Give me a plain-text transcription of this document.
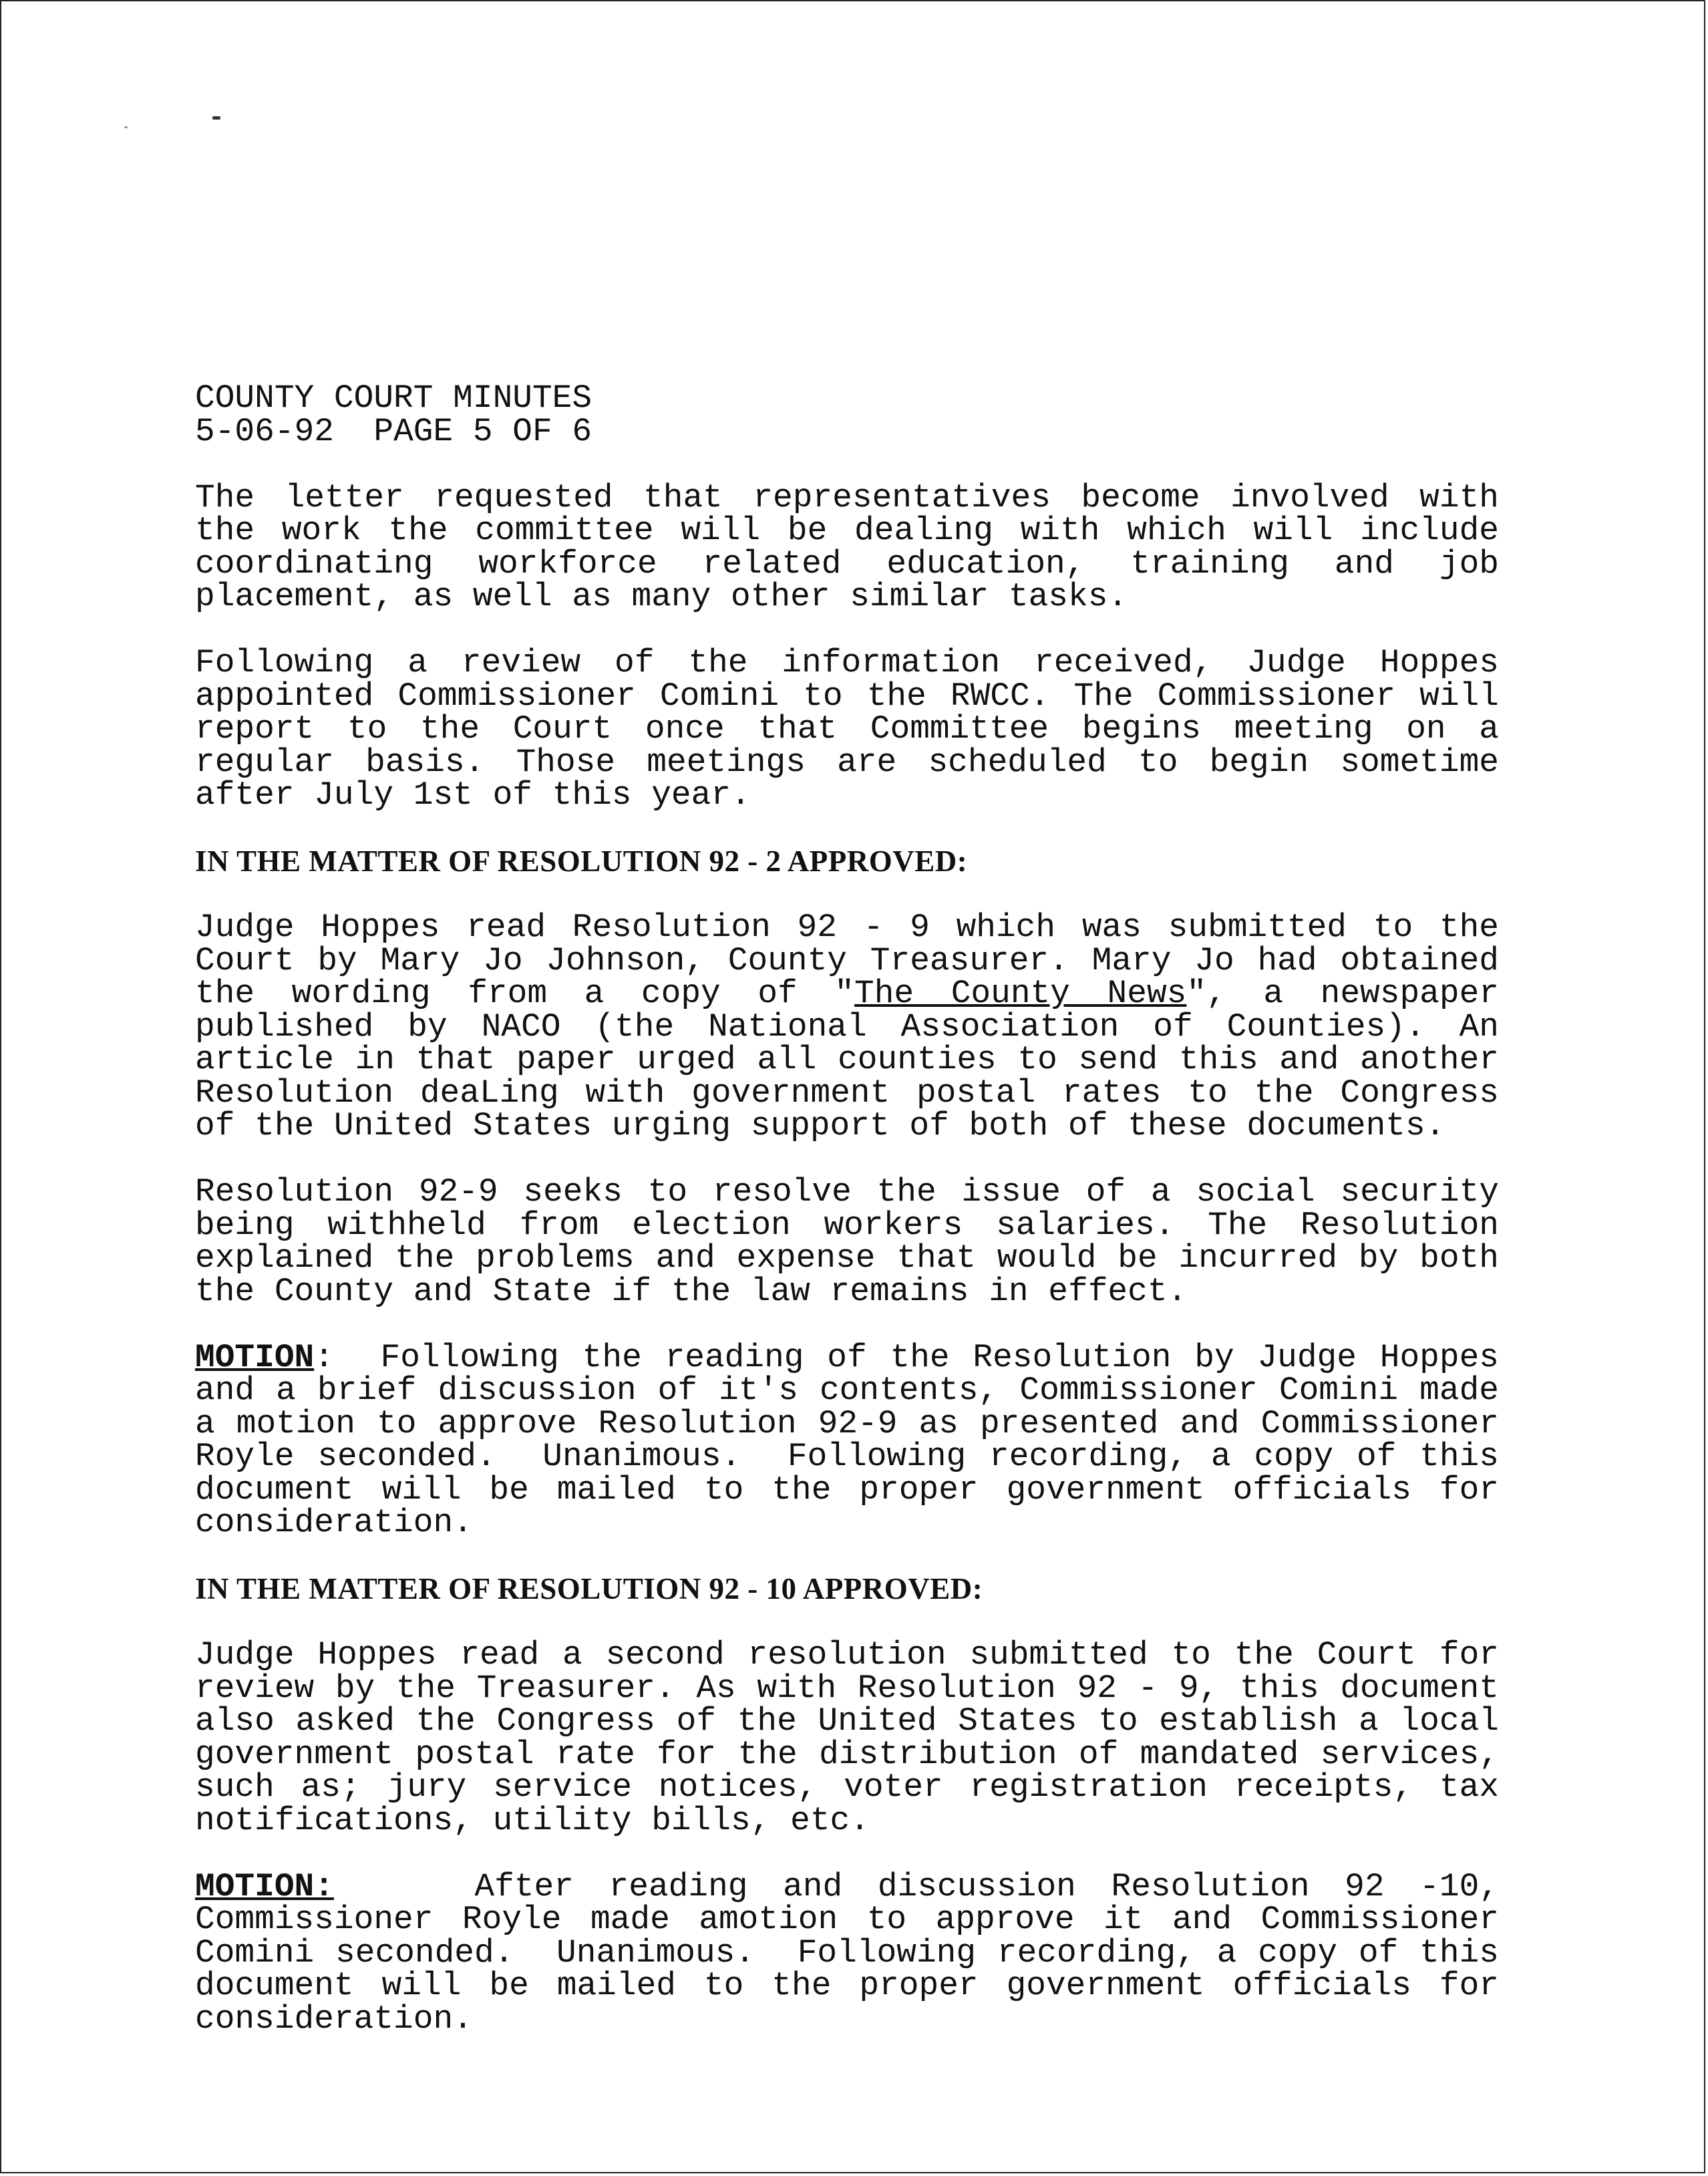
COUNTY COURT MINUTES
5-06-92 PAGE 5 OF 6

The letter requested that representatives become involved with the work the committee will be dealing with which will include coordinating workforce related education, training and job placement, as well as many other similar tasks.

Following a review of the information received, Judge Hoppes appointed Commissioner Comini to the RWCC. The Commissioner will report to the Court once that Committee begins meeting on a regular basis. Those meetings are scheduled to begin sometime after July 1st of this year.

IN THE MATTER OF RESOLUTION 92 - 2 APPROVED:

Judge Hoppes read Resolution 92 - 9 which was submitted to the Court by Mary Jo Johnson, County Treasurer. Mary Jo had obtained the wording from a copy of "The County News", a newspaper published by NACO (the National Association of Counties). An article in that paper urged all counties to send this and another Resolution deaLing with government postal rates to the Congress of the United States urging support of both of these documents.

Resolution 92-9 seeks to resolve the issue of a social security being withheld from election workers salaries. The Resolution explained the problems and expense that would be incurred by both the County and State if the law remains in effect.

MOTION:  Following the reading of the Resolution by Judge Hoppes and a brief discussion of it's contents, Commissioner Comini made a motion to approve Resolution 92-9 as presented and Commissioner Royle seconded.  Unanimous.  Following recording, a copy of this document will be mailed to the proper government officials for consideration.

IN THE MATTER OF RESOLUTION 92 - 10 APPROVED:

Judge Hoppes read a second resolution submitted to the Court for review by the Treasurer. As with Resolution 92 - 9, this document also asked the Congress of the United States to establish a local government postal rate for the distribution of mandated services, such as; jury service notices, voter registration receipts, tax notifications, utility bills, etc.

MOTION:    After reading and discussion Resolution 92 -10, Commissioner Royle made amotion to approve it and Commissioner Comini seconded.  Unanimous.  Following recording, a copy of this document will be mailed to the proper government officials for consideration.
